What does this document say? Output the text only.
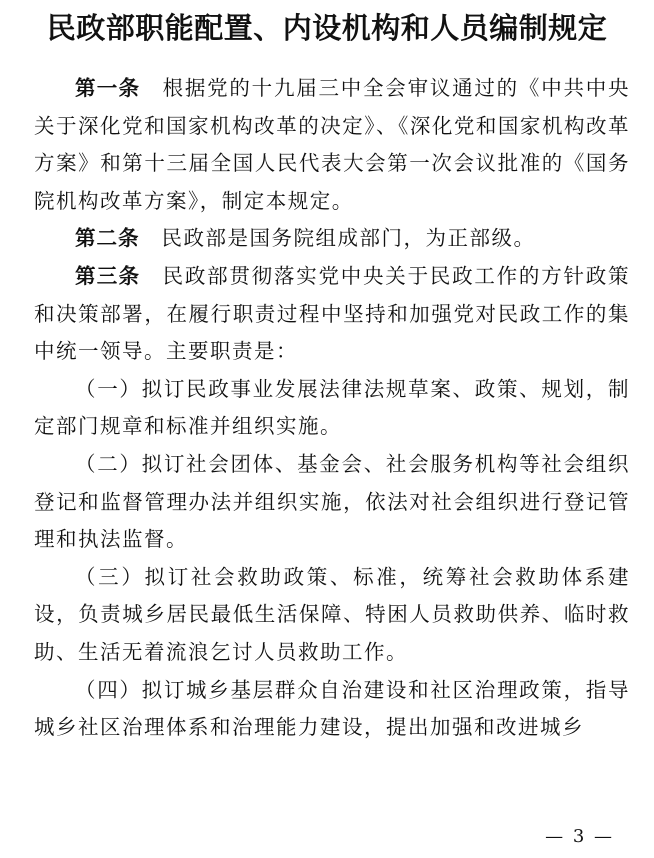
民政部职能配置、内设机构和人员编制规定

第一条　 根据党的十九届三中全会审议通过的《中共中央关于深化党和国家机构改革的决定》、《深化党和国家机构改革方案》和第十三届全国人民代表大会第一次会议批准的《国务院机构改革方案》，制定本规定。

第二条　 民政部是国务院组成部门，为正部级。

第三条　 民政部贯彻落实党中央关于民政工作的方针政策和决策部署，在履行职责过程中坚持和加强党对民政工作的集中统一领导。主要职责是：

（一）拟订民政事业发展法律法规草案、政策、规划，制定部门规章和标准并组织实施。

（二）拟订社会团体、基金会、社会服务机构等社会组织登记和监督管理办法并组织实施，依法对社会组织进行登记管理和执法监督。

（三）拟订社会救助政策、标准，统筹社会救助体系建设，负责城乡居民最低生活保障、特困人员救助供养、临时救助、生活无着流浪乞讨人员救助工作。

（四）拟订城乡基层群众自治建设和社区治理政策，指导城乡社区治理体系和治理能力建设，提出加强和改进城乡

— 3 —
